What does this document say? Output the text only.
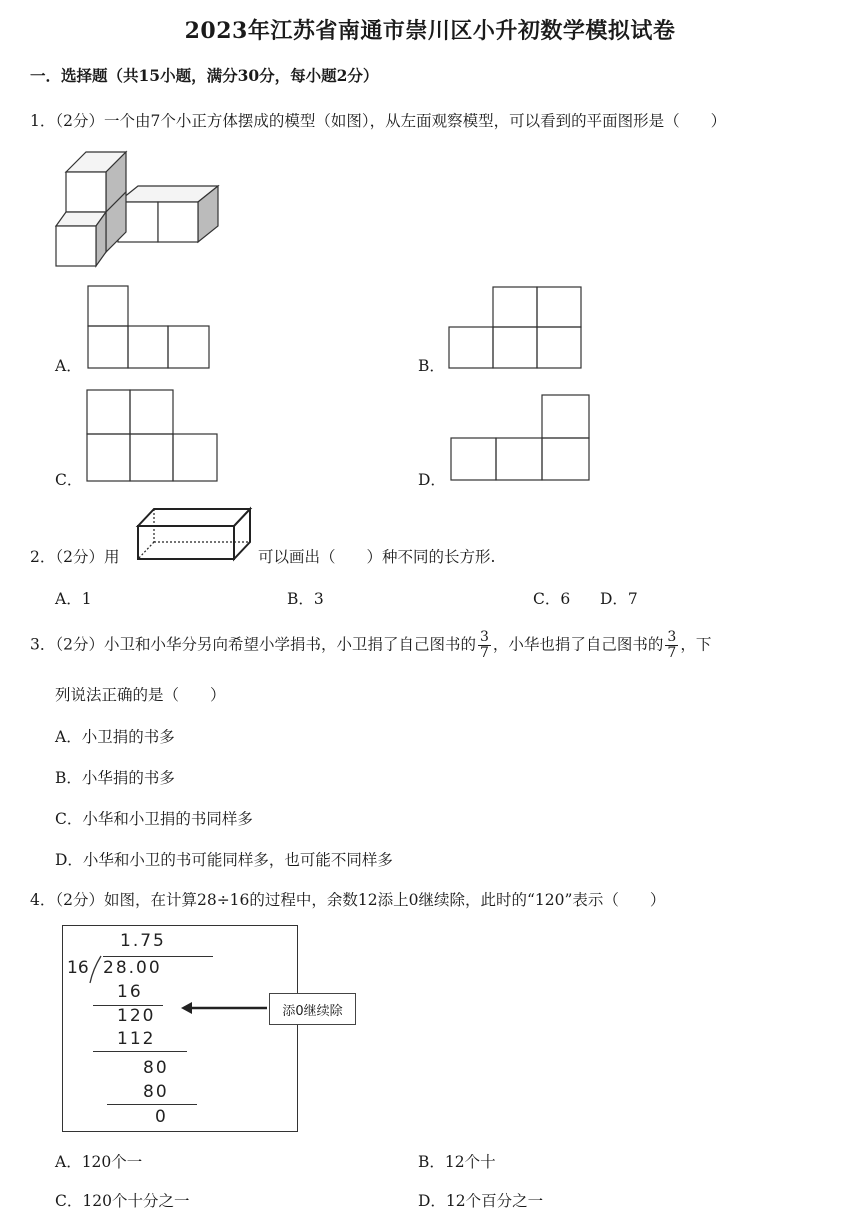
2023年江苏省南通市崇川区小升初数学模拟试卷
一．选择题（共15小题，满分30分，每小题2分）
1．（2分）一个由7个小正方体摆成的模型（如图），从左面观察模型，可以看到的平面图形是（　　）
A．	B．
C．	D．
2．（2分）用	可以画出（　　）种不同的长方形.
A．1	B．3	C．6 D．7
3．（2分）小卫和小华分另向希望小学捐书，小卫捐了自己图书的 $\frac{3}{7}$ ，小华也捐了自己图书的 $\frac{3}{7}$ ，下
列说法正确的是（　　）
A．小卫捐的书多
B．小华捐的书多
C．小华和小卫捐的书同样多
D．小华和小卫的书可能同样多，也可能不同样多
4．（2分）如图，在计算28÷16的过程中，余数12添上0继续除，此时的“120”表示（　　）
1.75
16 28.00
16
120
112
80
80
0
添0继续除
A．120个一	B．12个十
C．120个十分之一	D．12个百分之一
